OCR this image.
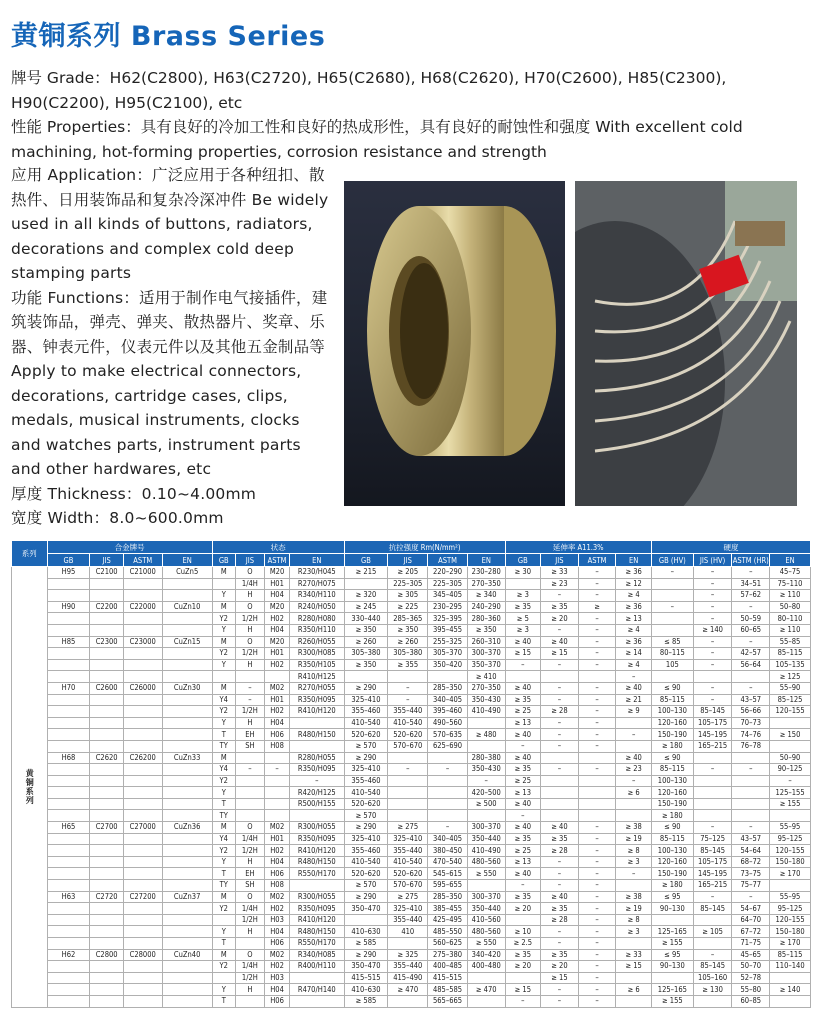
黄铜系列 Brass Series
牌号 Grade：H62(C2800), H63(C2720), H65(C2680), H68(C2620), H70(C2600), H85(C2300), H90(C2200), H95(C2100), etc
性能 Properties：具有良好的冷加工性和良好的热成形性，具有良好的耐蚀性和强度 With excellent cold machining, hot-forming properties, corrosion resistance and strength
应用 Application：广泛应用于各种纽扣、散热件、日用装饰品和复杂冷深冲件 Be widely used in all kinds of buttons, radiators, decorations and complex cold deep stamping parts
功能 Functions：适用于制作电气接插件，建筑装饰品，弹壳、弹夹、散热器片、奖章、乐器、钟表元件，仪表元件以及其他五金制品等 Apply to make electrical connectors, decorations, cartridge cases, clips, medals, musical instruments, clocks and watches parts, instrument parts and other hardwares, etc
厚度 Thickness：0.10~4.00mm
宽度 Width：8.0~600.0mm
系列	合金牌号				状态				抗拉强度 Rm(N/mm²)				延伸率 A11.3%				硬度			
	GB	JIS	ASTM	EN	GB	JIS	ASTM	EN	GB	JIS	ASTM	EN	GB	JIS	ASTM	EN	GB (HV)	JIS (HV)	ASTM (HR)	EN
黄铜系列	H95	C2100	C21000	CuZn5	M	O	M20	R230/H045	≥ 215	≥ 205	220–290	230–280	≥ 30	≥ 33	–	≥ 36	–	–	–	45–75
						1/4H	H01	R270/H075		225–305	225–305	270–350		≥ 23	–	≥ 12		–	34–51	75–110
					Y	H	H04	R340/H110	≥ 320	≥ 305	345–405	≥ 340	≥ 3	–	–	≥ 4		–	57–62	≥ 110
	H90	C2200	C22000	CuZn10	M	O	M20	R240/H050	≥ 245	≥ 225	230–295	240–290	≥ 35	≥ 35	≥	≥ 36	–	–	–	50–80
					Y2	1/2H	H02	R280/H080	330–440	285–365	325–395	280–360	≥ 5	≥ 20	–	≥ 13		–	50–59	80–110
					Y	H	H04	R350/H110	≥ 350	≥ 350	395–455	≥ 350	≥ 3	–	–	≥ 4		≥ 140	60–65	≥ 110
	H85	C2300	C23000	CuZn15	M	O	M20	R260/H055	≥ 260	≥ 260	255–325	260–310	≥ 40	≥ 40	–	≥ 36	≤ 85	–	–	55–85
					Y2	1/2H	H01	R300/H085	305–380	305–380	305–370	300–370	≥ 15	≥ 15	–	≥ 14	80–115	–	42–57	85–115
					Y	H	H02	R350/H105	≥ 350	≥ 355	350–420	350–370	–	–	–	≥ 4	105	–	56–64	105–135
								R410/H125				≥ 410				–				≥ 125
	H70	C2600	C26000	CuZn30	M	–	M02	R270/H055	≥ 290	–	285–350	270–350	≥ 40	–	–	≥ 40	≤ 90	–	–	55–90
					Y4	–	H01	R350/H095	325–410	–	340–405	350–430	≥ 35	–	–	≥ 21	85–115	–	43–57	85–125
					Y2	1/2H	H02	R410/H120	355–460	355–440	395–460	410–490	≥ 25	≥ 28	–	≥ 9	100–130	85–145	56–66	120–155
					Y	H	H04		410–540	410–540	490–560		≥ 13	–	–		120–160	105–175	70–73	
					T	EH	H06	R480/H150	520–620	520–620	570–635	≥ 480	≥ 40	–	–	–	150–190	145–195	74–76	≥ 150
					TY	SH	H08		≥ 570	570–670	625–690		–	–	–		≥ 180	165–215	76–78	
	H68	C2620	C26200	CuZn33	M			R280/H055	≥ 290			280–380	≥ 40			≥ 40	≤ 90			50–90
					Y4	–	–	R350/H095	325–410	–	–	350–430	≥ 35	–	–	≥ 23	85–115	–	–	90–125
					Y2			–	355–460			–	≥ 25			–	100–130			–
					Y			R420/H125	410–540			420–500	≥ 13			≥ 6	120–160			125–155
					T			R500/H155	520–620			≥ 500	≥ 40				150–190			≥ 155
					TY				≥ 570				–				≥ 180			
	H65	C2700	C27000	CuZn36	M	O	M02	R300/H055	≥ 290	≥ 275	–	300–370	≥ 40	≥ 40	–	≥ 38	≤ 90	–	–	55–95
					Y4	1/4H	H01	R350/H095	325–410	325–410	340–405	350–440	≥ 35	≥ 35	–	≥ 19	85–115	75–125	43–57	95–125
					Y2	1/2H	H02	R410/H120	355–460	355–440	380–450	410–490	≥ 25	≥ 28	–	≥ 8	100–130	85–145	54–64	120–155
					Y	H	H04	R480/H150	410–540	410–540	470–540	480–560	≥ 13	–	–	≥ 3	120–160	105–175	68–72	150–180
					T	EH	H06	R550/H170	520–620	520–620	545–615	≥ 550	≥ 40	–	–	–	150–190	145–195	73–75	≥ 170
					TY	SH	H08		≥ 570	570–670	595–655		–	–	–		≥ 180	165–215	75–77	
	H63	C2720	C27200	CuZn37	M	O	M02	R300/H055	≥ 290	≥ 275	285–350	300–370	≥ 35	≥ 40	–	≥ 38	≤ 95	–	–	55–95
					Y2	1/4H	H02	R350/H095	350–470	325–410	385–455	350–440	≥ 20	≥ 35	–	≥ 19	90–130	85–145	54–67	95–125
						1/2H	H03	R410/H120		355–440	425–495	410–560		≥ 28	–	≥ 8			64–70	120–155
					Y	H	H04	R480/H150	410–630	410	485–550	480–560	≥ 10	–	–	≥ 3	125–165	≥ 105	67–72	150–180
					T		H06	R550/H170	≥ 585		560–625	≥ 550	≥ 2.5	–	–		≥ 155		71–75	≥ 170
	H62	C2800	C28000	CuZn40	M	O	M02	R340/H085	≥ 290	≥ 325	275–380	340–420	≥ 35	≥ 35	–	≥ 33	≤ 95	–	45–65	85–115
					Y2	1/4H	H02	R400/H110	350–470	355–440	400–485	400–480	≥ 20	≥ 20	–	≥ 15	90–130	85–145	50–70	110–140
						1/2H	H03		415–515	415–490	415–515			≥ 15	–			105–160	52–78	
					Y	H	H04	R470/H140	410–630	≥ 470	485–585	≥ 470	≥ 15	–	–	≥ 6	125–165	≥ 130	55–80	≥ 140
					T		H06		≥ 585		565–665		–	–	–		≥ 155		60–85	
